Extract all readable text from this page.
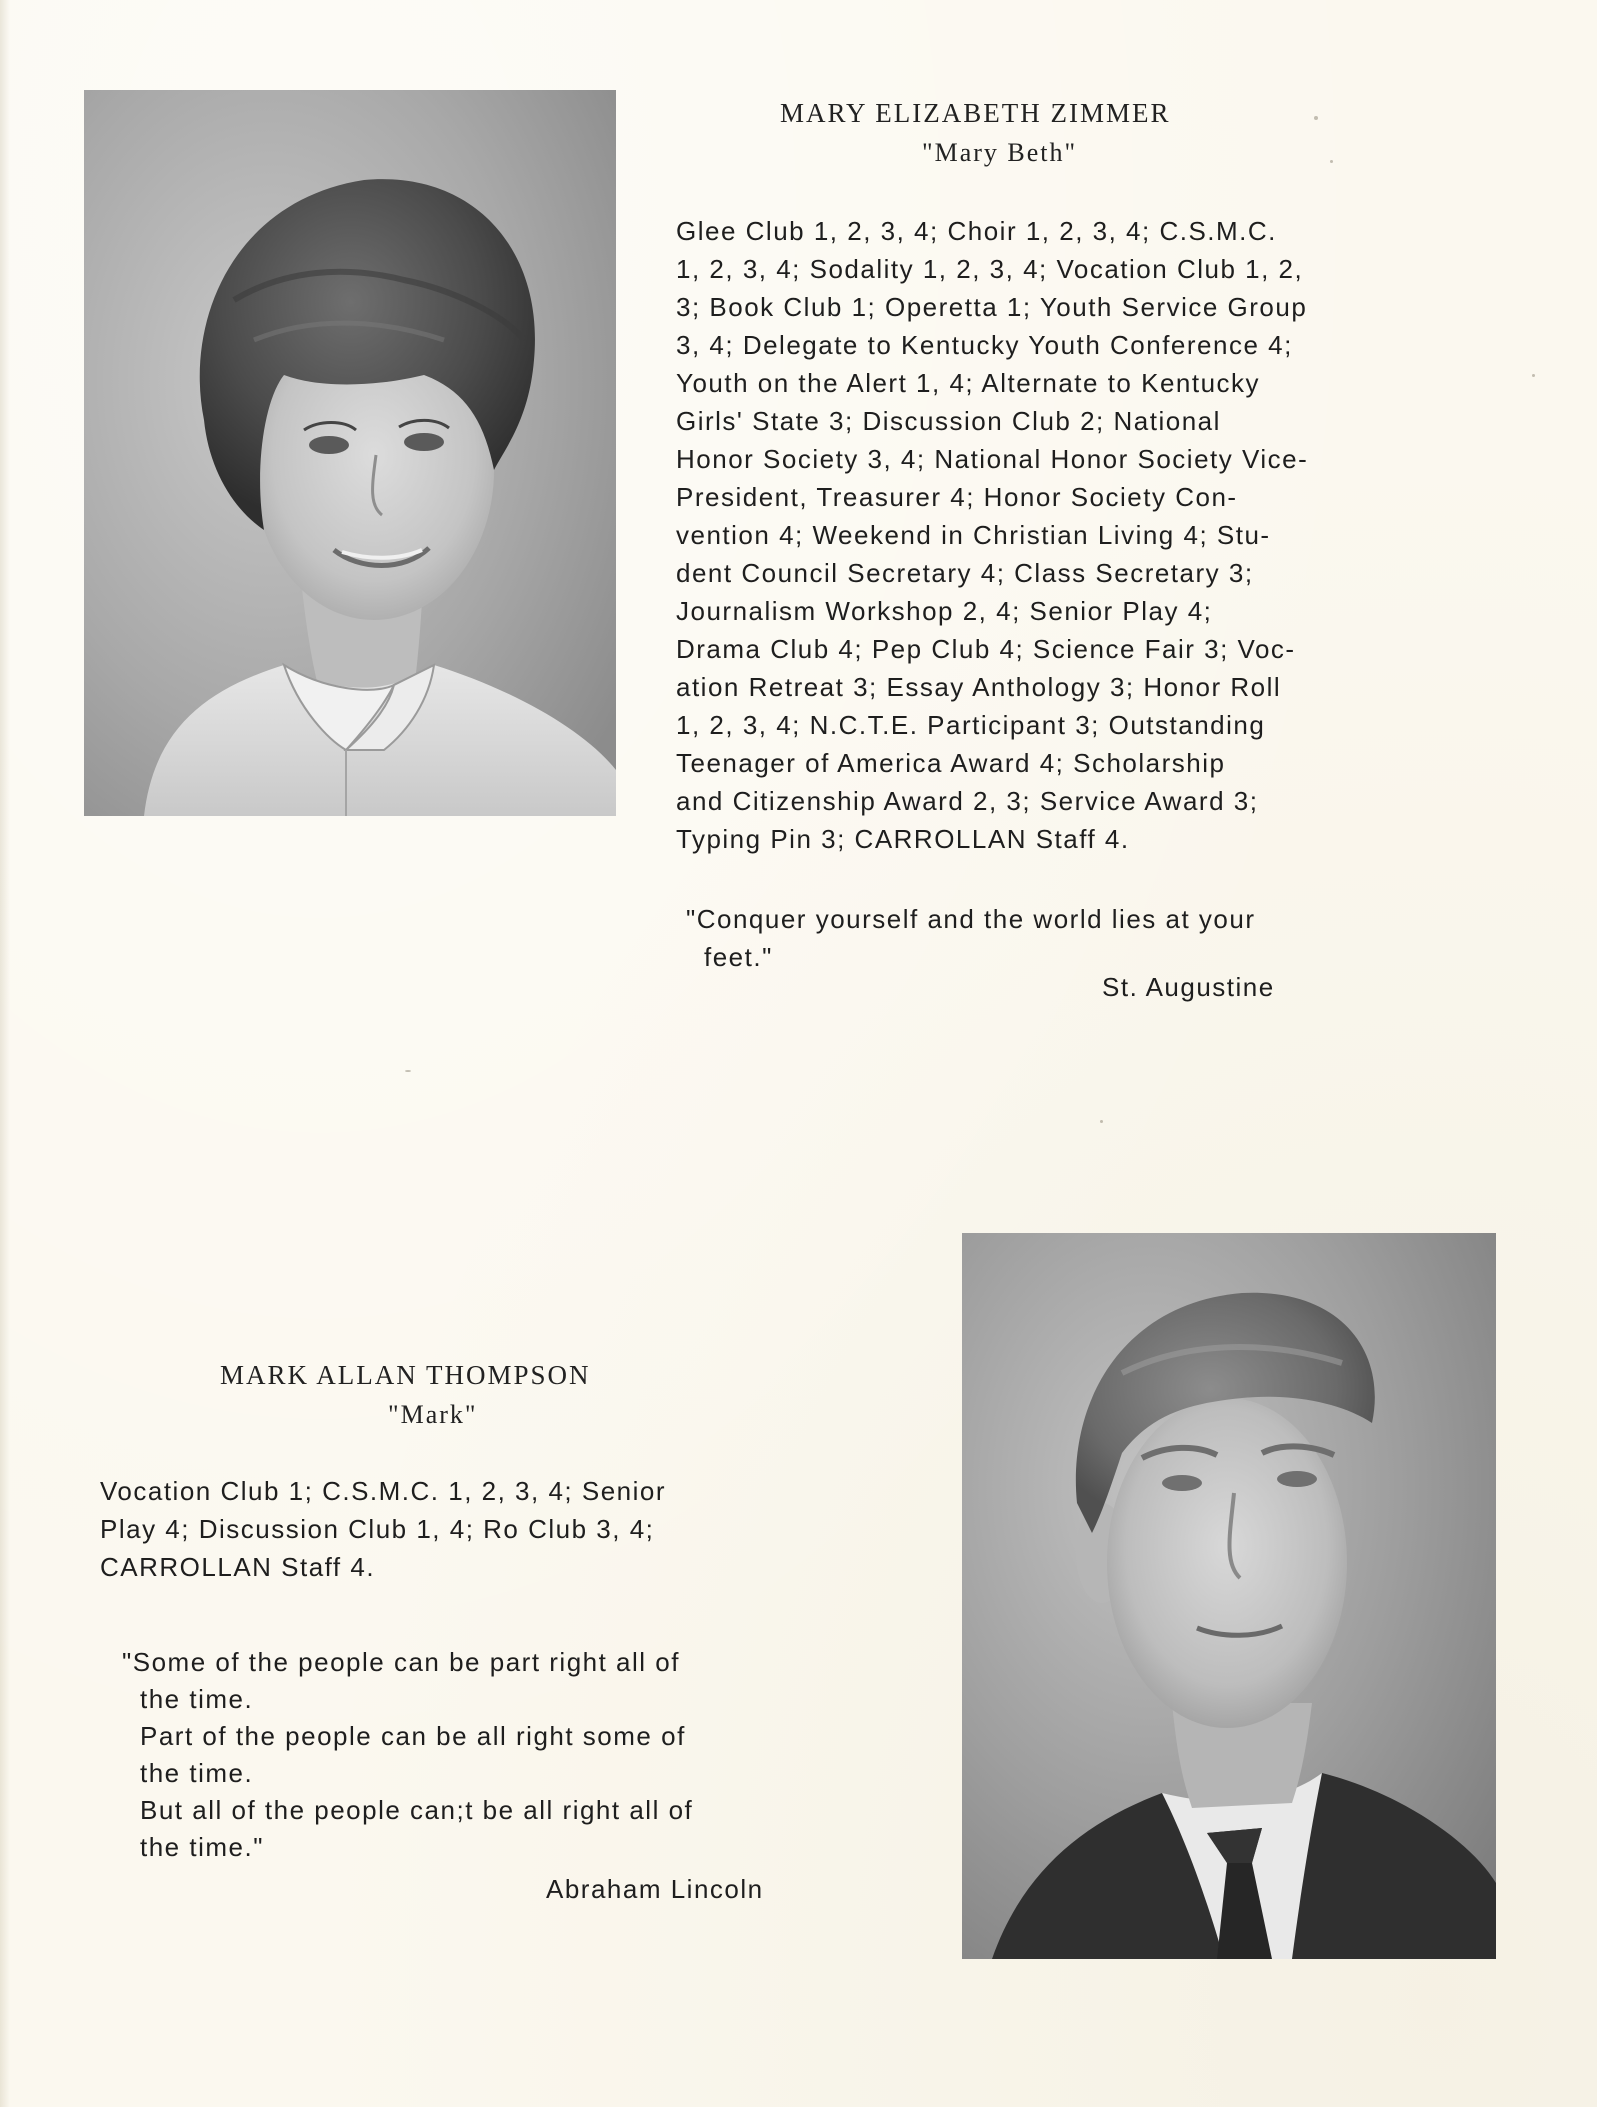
MARY ELIZABETH ZIMMER
"Mary Beth"
Glee Club 1, 2, 3, 4; Choir 1, 2, 3, 4; C.S.M.C.
1, 2, 3, 4; Sodality 1, 2, 3, 4; Vocation Club 1, 2,
3; Book Club 1; Operetta 1; Youth Service Group
3, 4; Delegate to Kentucky Youth Conference 4;
Youth on the Alert 1, 4; Alternate to Kentucky
Girls' State 3; Discussion Club 2; National
Honor Society 3, 4; National Honor Society Vice-
President, Treasurer 4; Honor Society Con-
vention 4; Weekend in Christian Living 4; Stu-
dent Council Secretary 4; Class Secretary 3;
Journalism Workshop 2, 4; Senior Play 4;
Drama Club 4; Pep Club 4; Science Fair 3; Voc-
ation Retreat 3; Essay Anthology 3; Honor Roll
1, 2, 3, 4; N.C.T.E. Participant 3; Outstanding
Teenager of America Award 4; Scholarship
and Citizenship Award 2, 3; Service Award 3;
Typing Pin 3; CARROLLAN Staff 4.
"Conquer yourself and the world lies at your
feet."
St. Augustine
MARK ALLAN THOMPSON
"Mark"
Vocation Club 1; C.S.M.C. 1, 2, 3, 4; Senior
Play 4; Discussion Club 1, 4; Ro Club 3, 4;
CARROLLAN Staff 4.
"Some of the people can be part right all of
the time.
Part of the people can be all right some of
the time.
But all of the people can;t be all right all of
the time."
Abraham Lincoln
